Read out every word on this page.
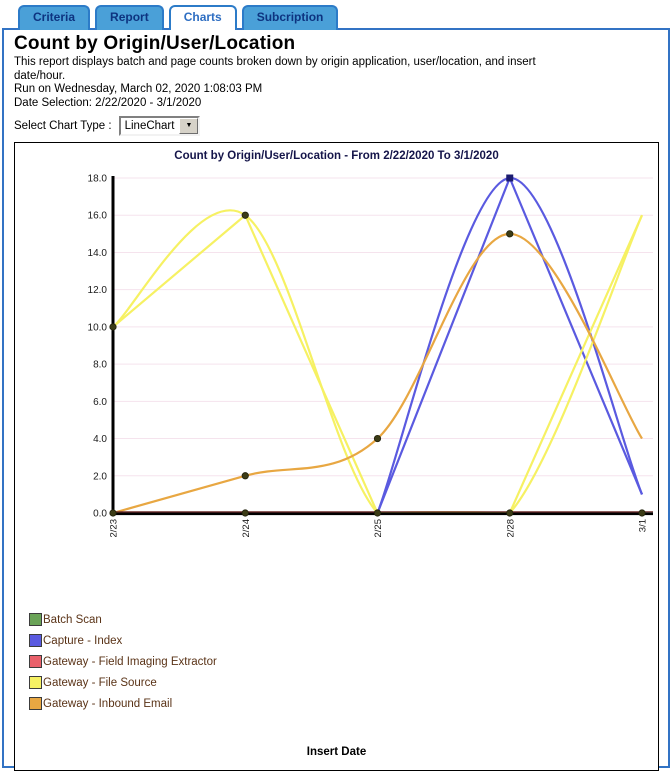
Criteria	Report	Charts	Subcription
Count by Origin/User/Location
This report displays batch and page counts broken down by origin application, user/location, and insert
date/hour.
Run on Wednesday, March 02, 2020 1:08:03 PM
Date Selection: 2/22/2020 - 3/1/2020
Select Chart Type :	LineChart	▼
0.0
2.0
4.0
6.0
8.0
10.0
12.0
14.0
16.0
18.0
2/23	2/24	2/25	2/28	3/1
Count by Origin/User/Location - From 2/22/2020 To 3/1/2020
Batch Scan
Capture - Index
Gateway - Field Imaging Extractor
Gateway - File Source
Gateway - Inbound Email
Insert Date
